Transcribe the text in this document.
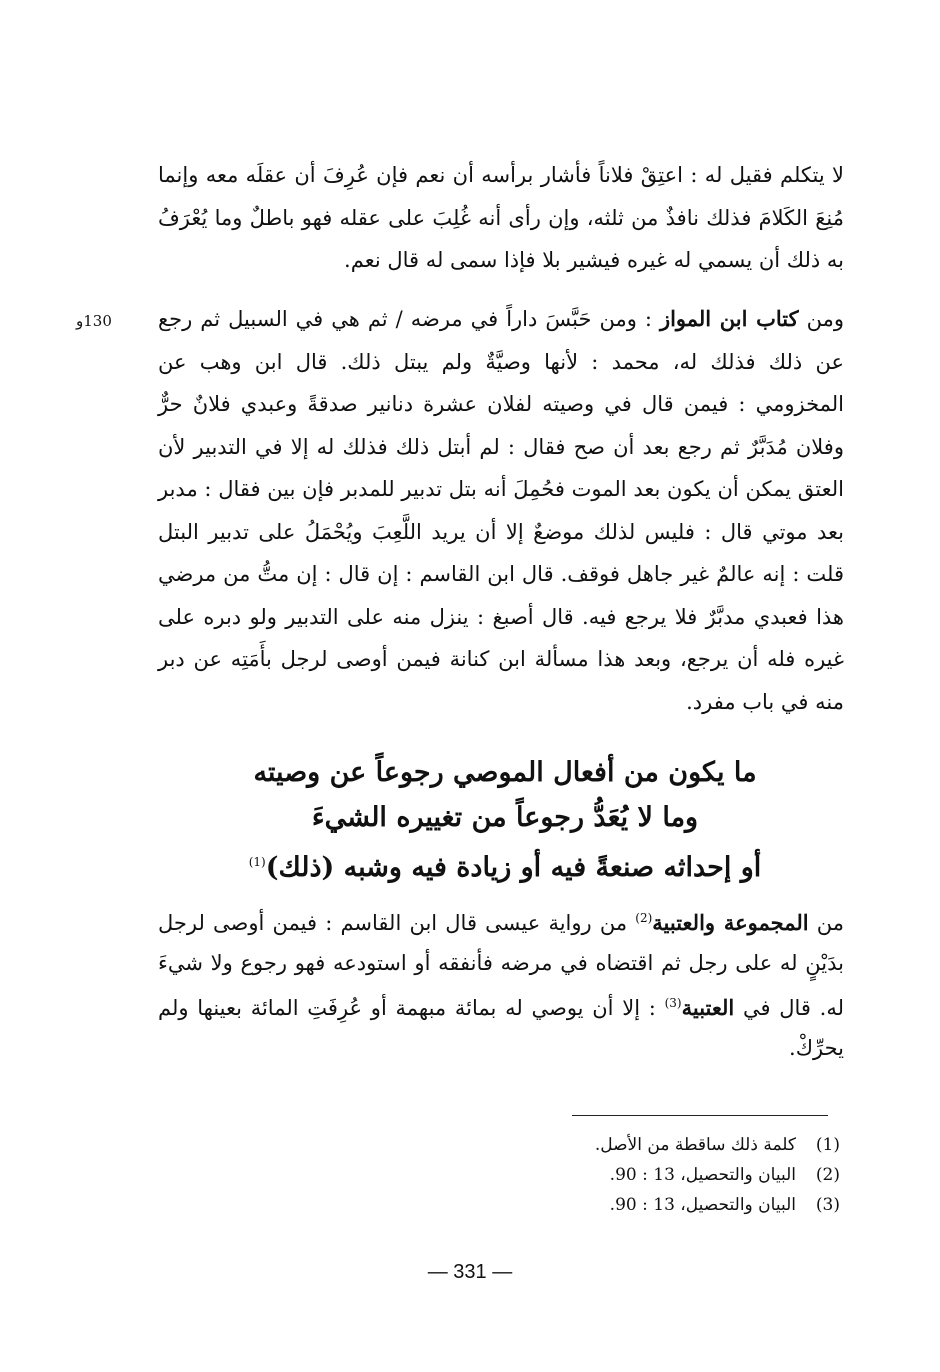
لا يتكلم فقيل له : اعتِقْ فلاناً فأشار برأسه أن نعم فإن عُرِفَ أن عقلَه معه وإنما مُنِعَ الكَلامَ فذلك نافذٌ من ثلثه، وإن رأى أنه غُلِبَ على عقله فهو باطلٌ وما يُعْرَفُ به ذلك أن يسمي له غيره فيشير بلا فإذا سمى له قال نعم.

130و	ومن كتاب ابن المواز : ومن حَبَّسَ داراً في مرضه / ثم هي في السبيل ثم رجع عن ذلك فذلك له، محمد : لأنها وصيَّةٌ ولم يبتل ذلك. قال ابن وهب عن المخزومي : فيمن قال في وصيته لفلان عشرة دنانير صدقةً وعبدي فلانٌ حرٌّ وفلان مُدَبَّرٌ ثم رجع بعد أن صح فقال : لم أبتل ذلك فذلك له إلا في التدبير لأن العتق يمكن أن يكون بعد الموت فحُمِلَ أنه بتل تدبير للمدبر فإن بين فقال : مدبر بعد موتي قال : فليس لذلك موضعٌ إلا أن يريد اللَّعِبَ ويُحْمَلُ على تدبير البتل قلت : إنه عالمٌ غير جاهل فوقف. قال ابن القاسم : إن قال : إن متُّ من مرضي هذا فعبدي مدبَّرٌ فلا يرجع فيه. قال أصبغ : ينزل منه على التدبير ولو دبره على غيره فله أن يرجع، وبعد هذا مسألة ابن كنانة فيمن أوصى لرجل بأَمَتِه عن دبر منه في باب مفرد.

ما يكون من أفعال الموصي رجوعاً عن وصيته
وما لا يُعَدُّ رجوعاً من تغييره الشيءَ
أو إحداثه صنعةً فيه أو زيادة فيه وشبه (ذلك)$^{(1)}$

من المجموعة والعتبية$^{(2)}$ من رواية عيسى قال ابن القاسم : فيمن أوصى لرجل بدَيْنٍ له على رجل ثم اقتضاه في مرضه فأنفقه أو استودعه فهو رجوع ولا شيءَ له. قال في العتبية$^{(3)}$ : إلا أن يوصي له بمائة مبهمة أو عُرِفَتِ المائة بعينها ولم يحرِّكْ.

(1)
كلمة ذلك ساقطة من الأصل.
(2)
البيان والتحصيل، 13 : 90.
(3)
البيان والتحصيل، 13 : 90.
— 331 —
